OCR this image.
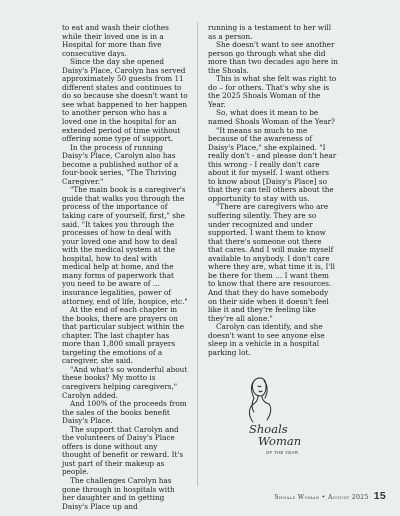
to eat and wash their clothes while their loved one is in a Hospital for more than five consecutive days.

Since the day she opened Daisy's Place, Carolyn has served approximately 50 guests from 11 different states and continues to do so because she doesn't want to see what happened to her happen to another person who has a loved one in the hospital for an extended period of time without offering some type of support.

In the process of running Daisy's Place, Carolyn also has become a published author of a four-book series, "The Thriving Caregiver."

"The main book is a caregiver's guide that walks you through the process of the importance of taking care of yourself, first," she said. "It takes you through the processes of how to deal with your loved one and how to deal with the medical system at the hospital, how to deal with medical help at home, and the many forms of paperwork that you need to be aware of … insurance legalities, power of attorney, end of life, hospice, etc."

At the end of each chapter in the books, there are prayers on that particular subject within the chapter. The last chapter has more than 1,800 small prayers targeting the emotions of a caregiver, she said.

"And what's so wonderful about these books? My motto is caregivers helping caregivers," Carolyn added.

And 100% of the proceeds from the sales of the books benefit Daisy's Place.

The support that Carolyn and the volunteers of Daisy's Place offers is done without any thought of benefit or reward. It's just part of their makeup as people.

The challenges Carolyn has gone through in hospitals with her daughter and in getting Daisy's Place up and

running is a testament to her will as a person.

She doesn't want to see another person go through what she did more than two decades ago here in the Shoals.

This is what she felt was right to do – for others. That's why she is the 2025 Shoals Woman of the Year.

So, what does it mean to be named Shoals Woman of the Year?

"It means so much to me because of the awareness of Daisy's Place," she explained. "I really don't - and please don't hear this wrong - I really don't care about it for myself. I want others to know about [Daisy's Place] so that they can tell others about the opportunity to stay with us.

"There are caregivers who are suffering silently. They are so under recognized and under supported. I want them to know that there's someone out there that cares. And I will make myself available to anybody. I don't care where they are, what time it is, I'll be there for them … I want them to know that there are resources. And that they do have somebody on their side when it doesn't feel like it and they're feeling like they're all alone."

Carolyn can identify, and she doesn't want to see anyone else sleep in a vehicle in a hospital parking lot.

Shoals
Woman
OF THE YEAR
Shoals Woman • August 2025 15
